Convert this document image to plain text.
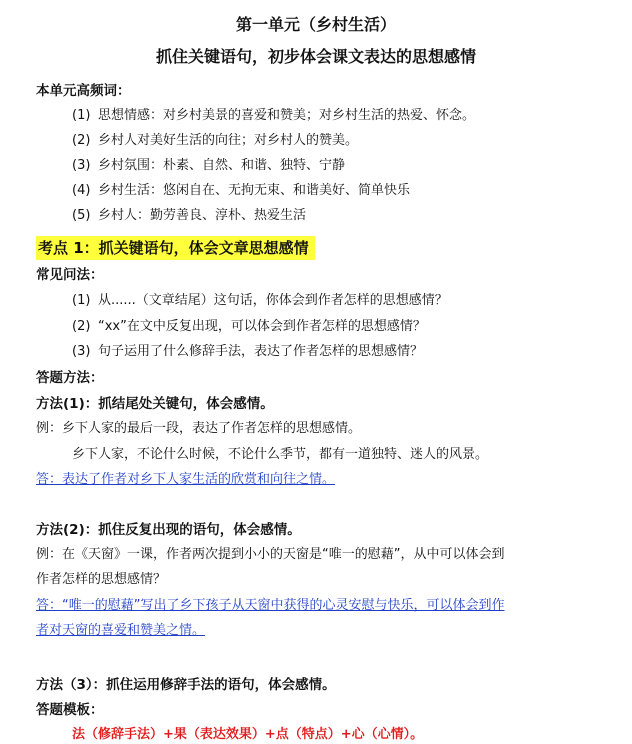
第一单元（乡村生活）
抓住关键语句，初步体会课文表达的思想感情
本单元高频词：
(1) 思想情感：对乡村美景的喜爱和赞美；对乡村生活的热爱、怀念。
(2) 乡村人对美好生活的向往；对乡村人的赞美。
(3) 乡村氛围：朴素、自然、和谐、独特、宁静
(4) 乡村生活：悠闲自在、无拘无束、和谐美好、简单快乐
(5) 乡村人：勤劳善良、淳朴、热爱生活
考点 1：抓关键语句，体会文章思想感情
常见问法：
(1) 从......（文章结尾）这句话，你体会到作者怎样的思想感情？
(2) “xx”在文中反复出现，可以体会到作者怎样的思想感情？
(3) 句子运用了什么修辞手法，表达了作者怎样的思想感情？
答题方法：
方法(1)：抓结尾处关键句，体会感情。
例：乡下人家的最后一段，表达了作者怎样的思想感情。
乡下人家，不论什么时候，不论什么季节，都有一道独特、迷人的风景。
答：表达了作者对乡下人家生活的欣赏和向往之情。
方法(2)：抓住反复出现的语句，体会感情。
例：在《天窗》一课，作者两次提到小小的天窗是“唯一的慰藉”，从中可以体会到
作者怎样的思想感情？
答：“唯一的慰藉”写出了乡下孩子从天窗中获得的心灵安慰与快乐，可以体会到作
者对天窗的喜爱和赞美之情。
方法（3）：抓住运用修辞手法的语句，体会感情。
答题模板：
法（修辞手法）+果（表达效果）+点（特点）+心（心情）。
